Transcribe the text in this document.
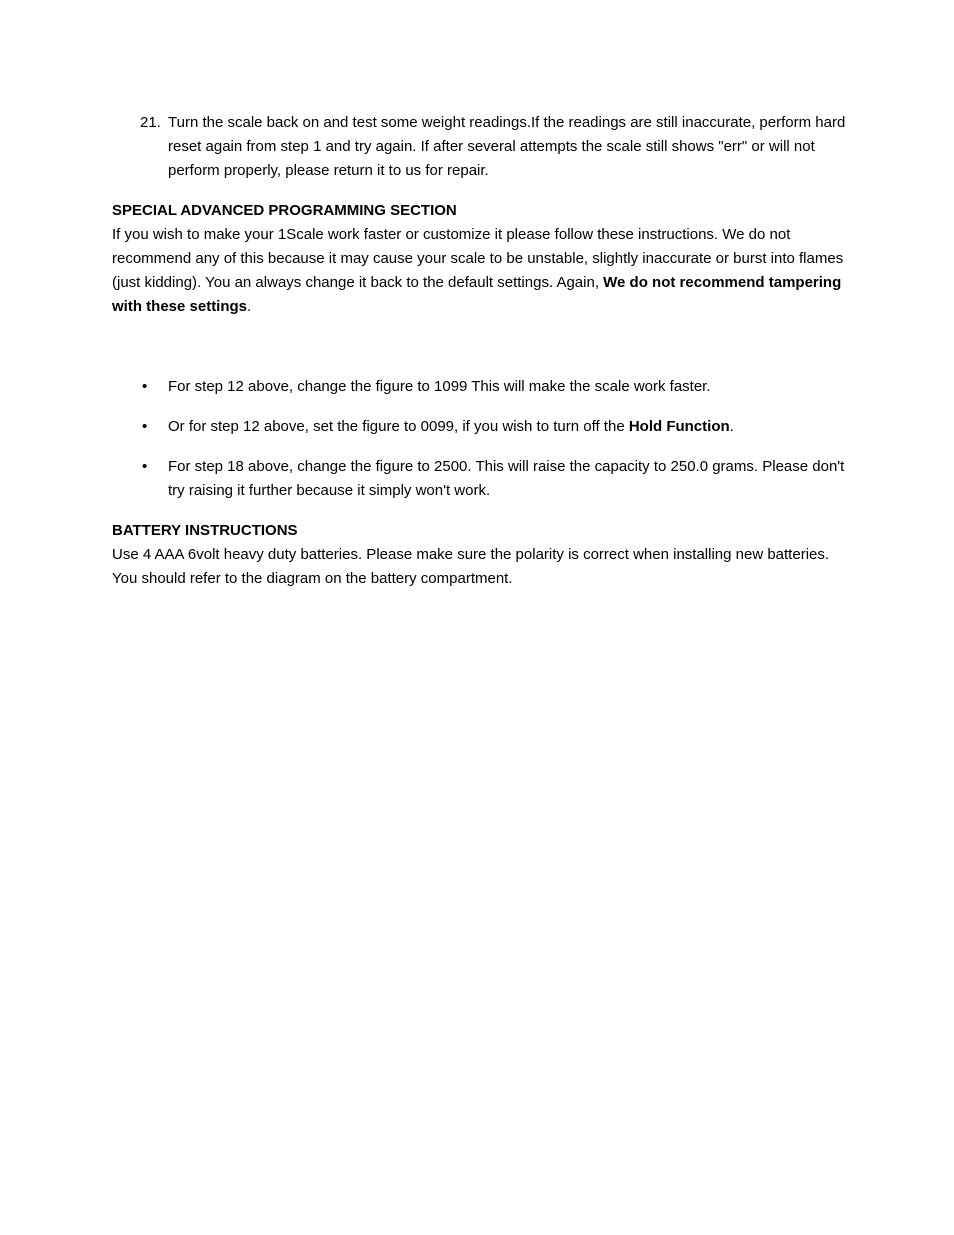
21. Turn the scale back on and test some weight readings.If the readings are still inaccurate, perform hard reset again from step 1 and try again. If after several attempts the scale still shows "err" or will not perform properly, please return it to us for repair.

SPECIAL ADVANCED PROGRAMMING SECTION

If you wish to make your 1Scale work faster or customize it please follow these instructions. We do not recommend any of this because it may cause your scale to be unstable, slightly inaccurate or burst into flames (just kidding). You an always change it back to the default settings. Again, We do not recommend tampering with these settings.

• For step 12 above, change the figure to 1099 This will make the scale work faster.
• Or for step 12 above, set the figure to 0099, if you wish to turn off the Hold Function.
• For step 18 above, change the figure to 2500. This will raise the capacity to 250.0 grams. Please don't try raising it further because it simply won't work.

BATTERY INSTRUCTIONS

Use 4 AAA 6volt heavy duty batteries. Please make sure the polarity is correct when installing new batteries. You should refer to the diagram on the battery compartment.
